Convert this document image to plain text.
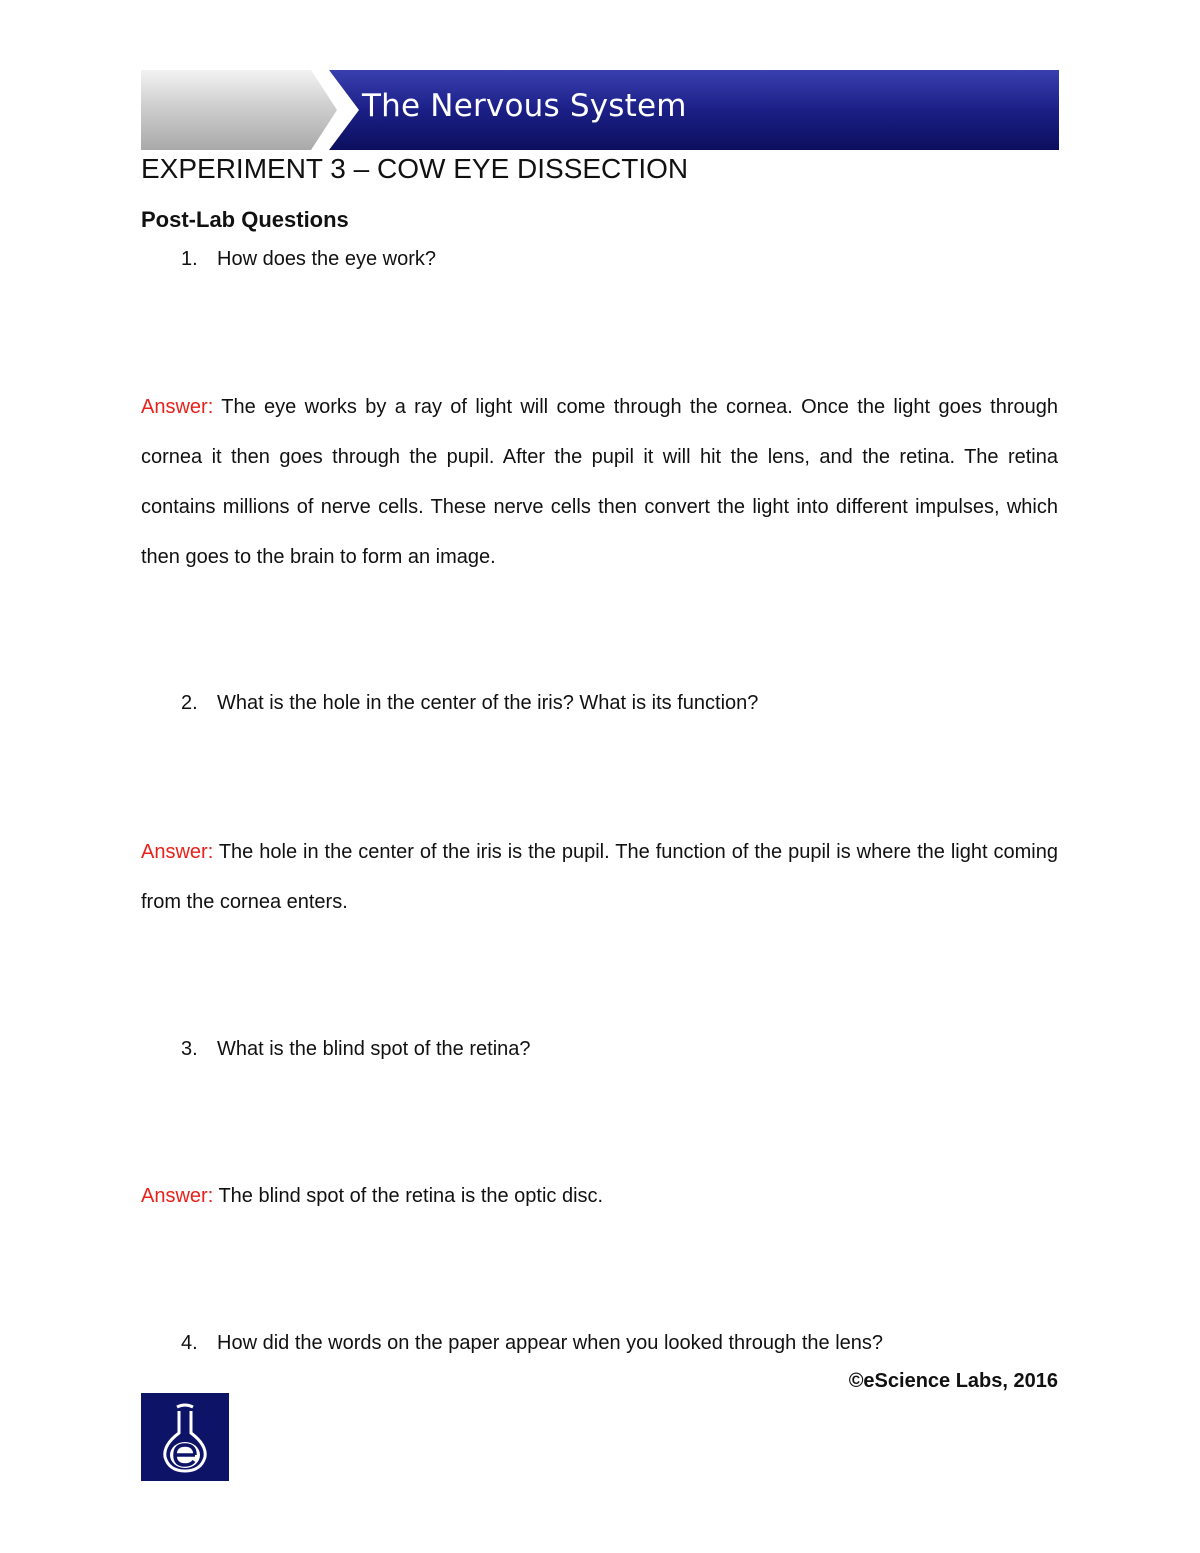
The Nervous System
EXPERIMENT 3 – COW EYE DISSECTION
Post-Lab Questions
1. How does the eye work?
Answer: The eye works by a ray of light will come through the cornea. Once the light goes through cornea it then goes through the pupil. After the pupil it will hit the lens, and the retina. The retina contains millions of nerve cells. These nerve cells then convert the light into different impulses, which then goes to the brain to form an image.
2. What is the hole in the center of the iris? What is its function?
Answer: The hole in the center of the iris is the pupil. The function of the pupil is where the light coming from the cornea enters.
3. What is the blind spot of the retina?
Answer: The blind spot of the retina is the optic disc.
4. How did the words on the paper appear when you looked through the lens?
©eScience Labs, 2016
